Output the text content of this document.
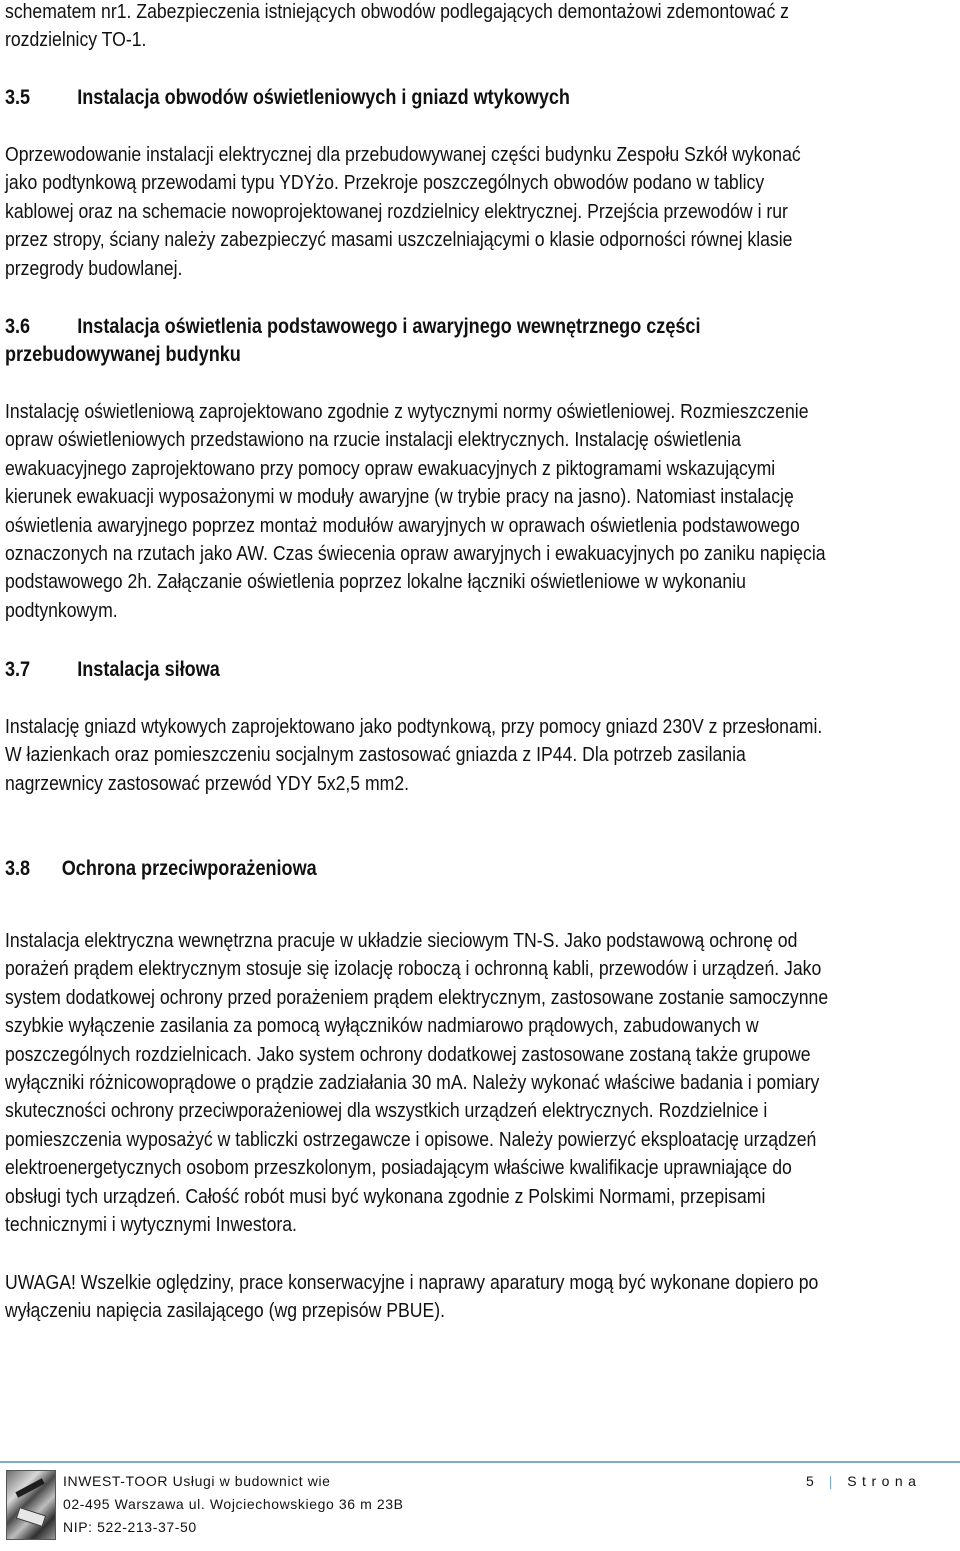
schematem nr1. Zabezpieczenia istniejących obwodów podlegających demontażowi zdemontować z
rozdzielnicy TO-1.
3.5 Instalacja obwodów oświetleniowych i gniazd wtykowych
Oprzewodowanie instalacji elektrycznej dla przebudowywanej części budynku Zespołu Szkół wykonać
jako podtynkową przewodami typu YDYżo. Przekroje poszczególnych obwodów podano w tablicy
kablowej oraz na schemacie nowoprojektowanej rozdzielnicy elektrycznej. Przejścia przewodów i rur
przez stropy, ściany należy zabezpieczyć masami uszczelniającymi o klasie odporności równej klasie
przegrody budowlanej.
3.6 Instalacja oświetlenia podstawowego i awaryjnego wewnętrznego części
przebudowywanej budynku
Instalację oświetleniową zaprojektowano zgodnie z wytycznymi normy oświetleniowej. Rozmieszczenie
opraw oświetleniowych przedstawiono na rzucie instalacji elektrycznych. Instalację oświetlenia
ewakuacyjnego zaprojektowano przy pomocy opraw ewakuacyjnych z piktogramami wskazującymi
kierunek ewakuacji wyposażonymi w moduły awaryjne (w trybie pracy na jasno). Natomiast instalację
oświetlenia awaryjnego poprzez montaż modułów awaryjnych w oprawach oświetlenia podstawowego
oznaczonych na rzutach jako AW. Czas świecenia opraw awaryjnych i ewakuacyjnych po zaniku napięcia
podstawowego 2h. Załączanie oświetlenia poprzez lokalne łączniki oświetleniowe w wykonaniu
podtynkowym.
3.7 Instalacja siłowa
Instalację gniazd wtykowych zaprojektowano jako podtynkową, przy pomocy gniazd 230V z przesłonami.
W łazienkach oraz pomieszczeniu socjalnym zastosować gniazda z IP44. Dla potrzeb zasilania
nagrzewnicy zastosować przewód YDY 5x2,5 mm2.
3.8 Ochrona przeciwporażeniowa
Instalacja elektryczna wewnętrzna pracuje w układzie sieciowym TN-S. Jako podstawową ochronę od
porażeń prądem elektrycznym stosuje się izolację roboczą i ochronną kabli, przewodów i urządzeń. Jako
system dodatkowej ochrony przed porażeniem prądem elektrycznym, zastosowane zostanie samoczynne
szybkie wyłączenie zasilania za pomocą wyłączników nadmiarowo prądowych, zabudowanych w
poszczególnych rozdzielnicach. Jako system ochrony dodatkowej zastosowane zostaną także grupowe
wyłączniki różnicowoprądowe o prądzie zadziałania 30 mA. Należy wykonać właściwe badania i pomiary
skuteczności ochrony przeciwporażeniowej dla wszystkich urządzeń elektrycznych. Rozdzielnice i
pomieszczenia wyposażyć w tabliczki ostrzegawcze i opisowe. Należy powierzyć eksploatację urządzeń
elektroenergetycznych osobom przeszkolonym, posiadającym właściwe kwalifikacje uprawniające do
obsługi tych urządzeń. Całość robót musi być wykonana zgodnie z Polskimi Normami, przepisami
technicznymi i wytycznymi Inwestora.
UWAGA! Wszelkie oględziny, prace konserwacyjne i naprawy aparatury mogą być wykonane dopiero po
wyłączeniu napięcia zasilającego (wg przepisów PBUE).
INWEST-TOOR Usługi w budownict wie
02-495 Warszawa ul. Wojciechowskiego 36 m 23B
NIP: 522-213-37-50
5 | Strona
